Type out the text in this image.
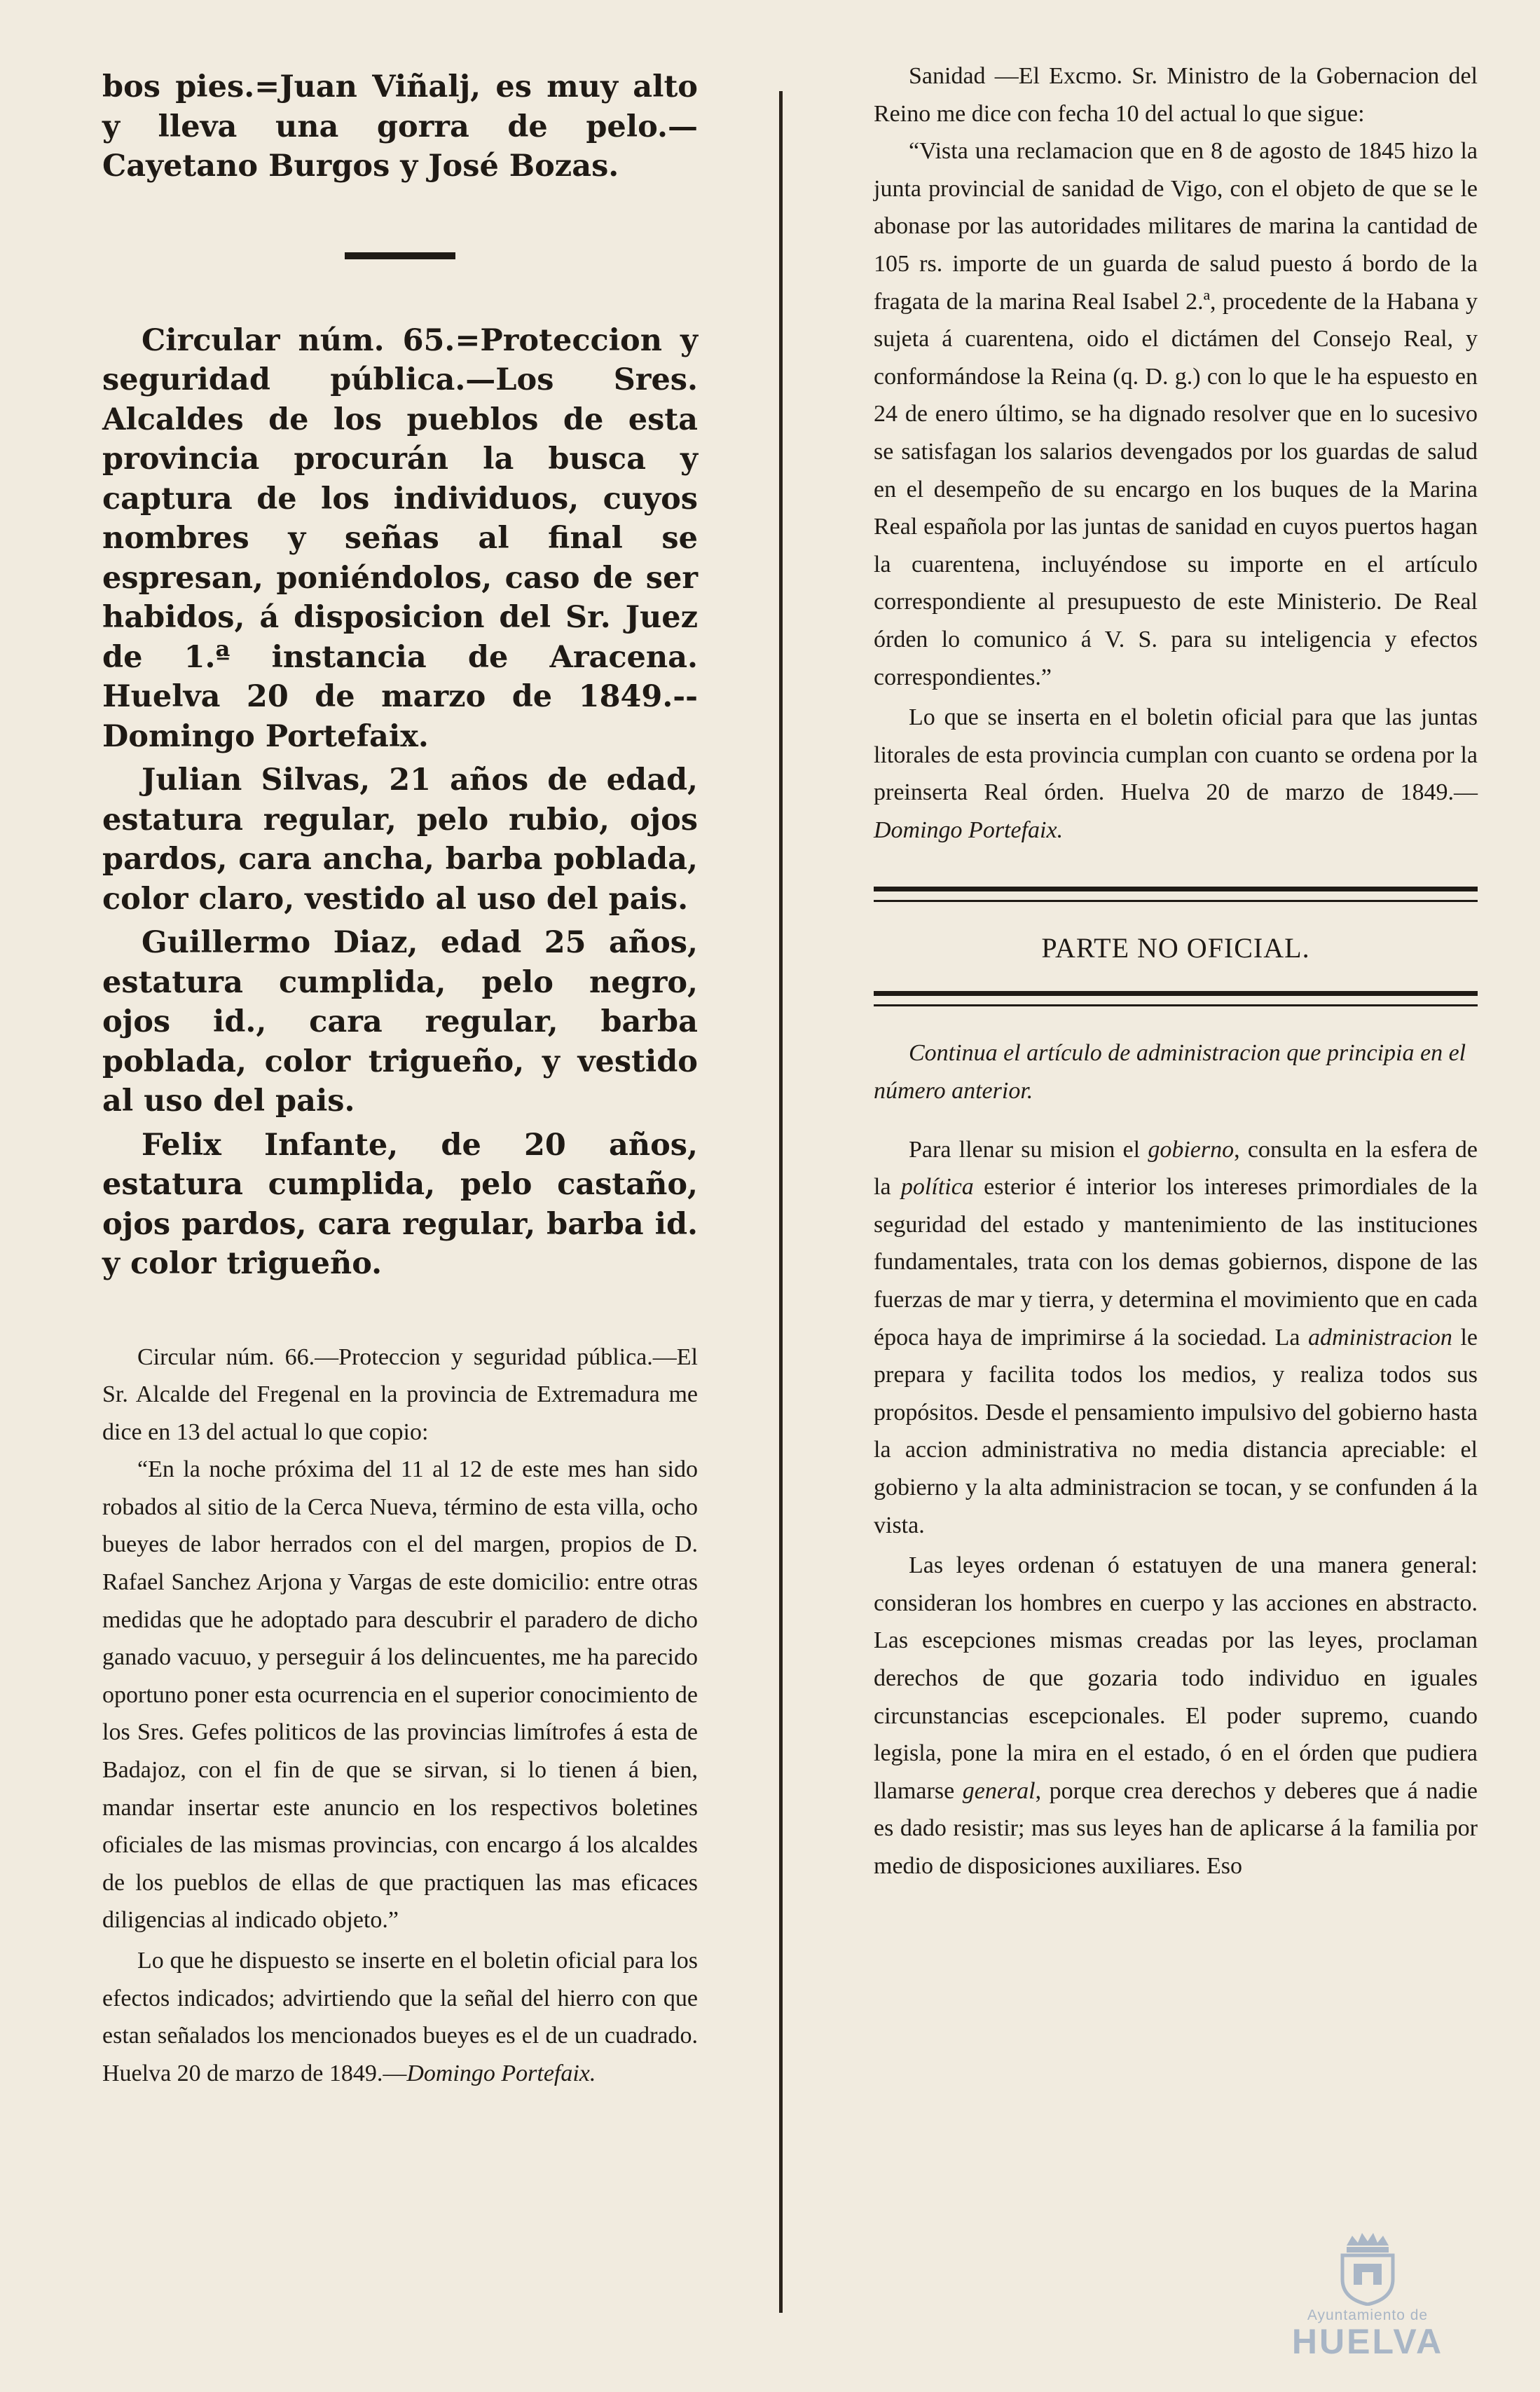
bos pies.=Juan Viñalj, es muy alto y lleva una gorra de pelo.—Cayetano Burgos y José Bozas.

Circular núm. 65.=Proteccion y seguridad pública.—Los Sres. Alcaldes de los pueblos de esta provincia procurán la busca y captura de los individuos, cuyos nombres y señas al final se espresan, poniéndolos, caso de ser habidos, á disposicion del Sr. Juez de 1.ª instancia de Aracena. Huelva 20 de marzo de 1849.--Domingo Portefaix.

Julian Silvas, 21 años de edad, estatura regular, pelo rubio, ojos pardos, cara ancha, barba poblada, color claro, vestido al uso del pais.

Guillermo Diaz, edad 25 años, estatura cumplida, pelo negro, ojos id., cara regular, barba poblada, color trigueño, y vestido al uso del pais.

Felix Infante, de 20 años, estatura cumplida, pelo castaño, ojos pardos, cara regular, barba id. y color trigueño.

Circular núm. 66.—Proteccion y seguridad pública.—El Sr. Alcalde del Fregenal en la provincia de Extremadura me dice en 13 del actual lo que copio:

“En la noche próxima del 11 al 12 de este mes han sido robados al sitio de la Cerca Nueva, término de esta villa, ocho bueyes de labor herrados con el del margen, propios de D. Rafael Sanchez Arjona y Vargas de este domicilio: entre otras medidas que he adoptado para descubrir el paradero de dicho ganado vacuuo, y perseguir á los delincuentes, me ha parecido oportuno poner esta ocurrencia en el superior conocimiento de los Sres. Gefes politicos de las provincias limítrofes á esta de Badajoz, con el fin de que se sirvan, si lo tienen á bien, mandar insertar este anuncio en los respectivos boletines oficiales de las mismas provincias, con encargo á los alcaldes de los pueblos de ellas de que practiquen las mas eficaces diligencias al indicado objeto.”

Lo que he dispuesto se inserte en el boletin oficial para los efectos indicados; advirtiendo que la señal del hierro con que estan señalados los mencionados bueyes es el de un cuadrado. Huelva 20 de marzo de 1849.—Domingo Portefaix.

Sanidad —El Excmo. Sr. Ministro de la Gobernacion del Reino me dice con fecha 10 del actual lo que sigue:

“Vista una reclamacion que en 8 de agosto de 1845 hizo la junta provincial de sanidad de Vigo, con el objeto de que se le abonase por las autoridades militares de marina la cantidad de 105 rs. importe de un guarda de salud puesto á bordo de la fragata de la marina Real Isabel 2.ª, procedente de la Habana y sujeta á cuarentena, oido el dictámen del Consejo Real, y conformándose la Reina (q. D. g.) con lo que le ha espuesto en 24 de enero último, se ha dignado resolver que en lo sucesivo se satisfagan los salarios devengados por los guardas de salud en el desempeño de su encargo en los buques de la Marina Real española por las juntas de sanidad en cuyos puertos hagan la cuarentena, incluyéndose su importe en el artículo correspondiente al presupuesto de este Ministerio. De Real órden lo comunico á V. S. para su inteligencia y efectos correspondientes.”

Lo que se inserta en el boletin oficial para que las juntas litorales de esta provincia cumplan con cuanto se ordena por la preinserta Real órden. Huelva 20 de marzo de 1849.—Domingo Portefaix.

PARTE NO OFICIAL.

Continua el artículo de administracion que principia en el número anterior.

Para llenar su mision el gobierno, consulta en la esfera de la política esterior é interior los intereses primordiales de la seguridad del estado y mantenimiento de las instituciones fundamentales, trata con los demas gobiernos, dispone de las fuerzas de mar y tierra, y determina el movimiento que en cada época haya de imprimirse á la sociedad. La administracion le prepara y facilita todos los medios, y realiza todos sus propósitos. Desde el pensamiento impulsivo del gobierno hasta la accion administrativa no media distancia apreciable: el gobierno y la alta administracion se tocan, y se confunden á la vista.

Las leyes ordenan ó estatuyen de una manera general: consideran los hombres en cuerpo y las acciones en abstracto. Las escepciones mismas creadas por las leyes, proclaman derechos de que gozaria todo individuo en iguales circunstancias escepcionales. El poder supremo, cuando legisla, pone la mira en el estado, ó en el órden que pudiera llamarse general, porque crea derechos y deberes que á nadie es dado resistir; mas sus leyes han de aplicarse á la familia por medio de disposiciones auxiliares. Eso

Ayuntamiento de
HUELVA
